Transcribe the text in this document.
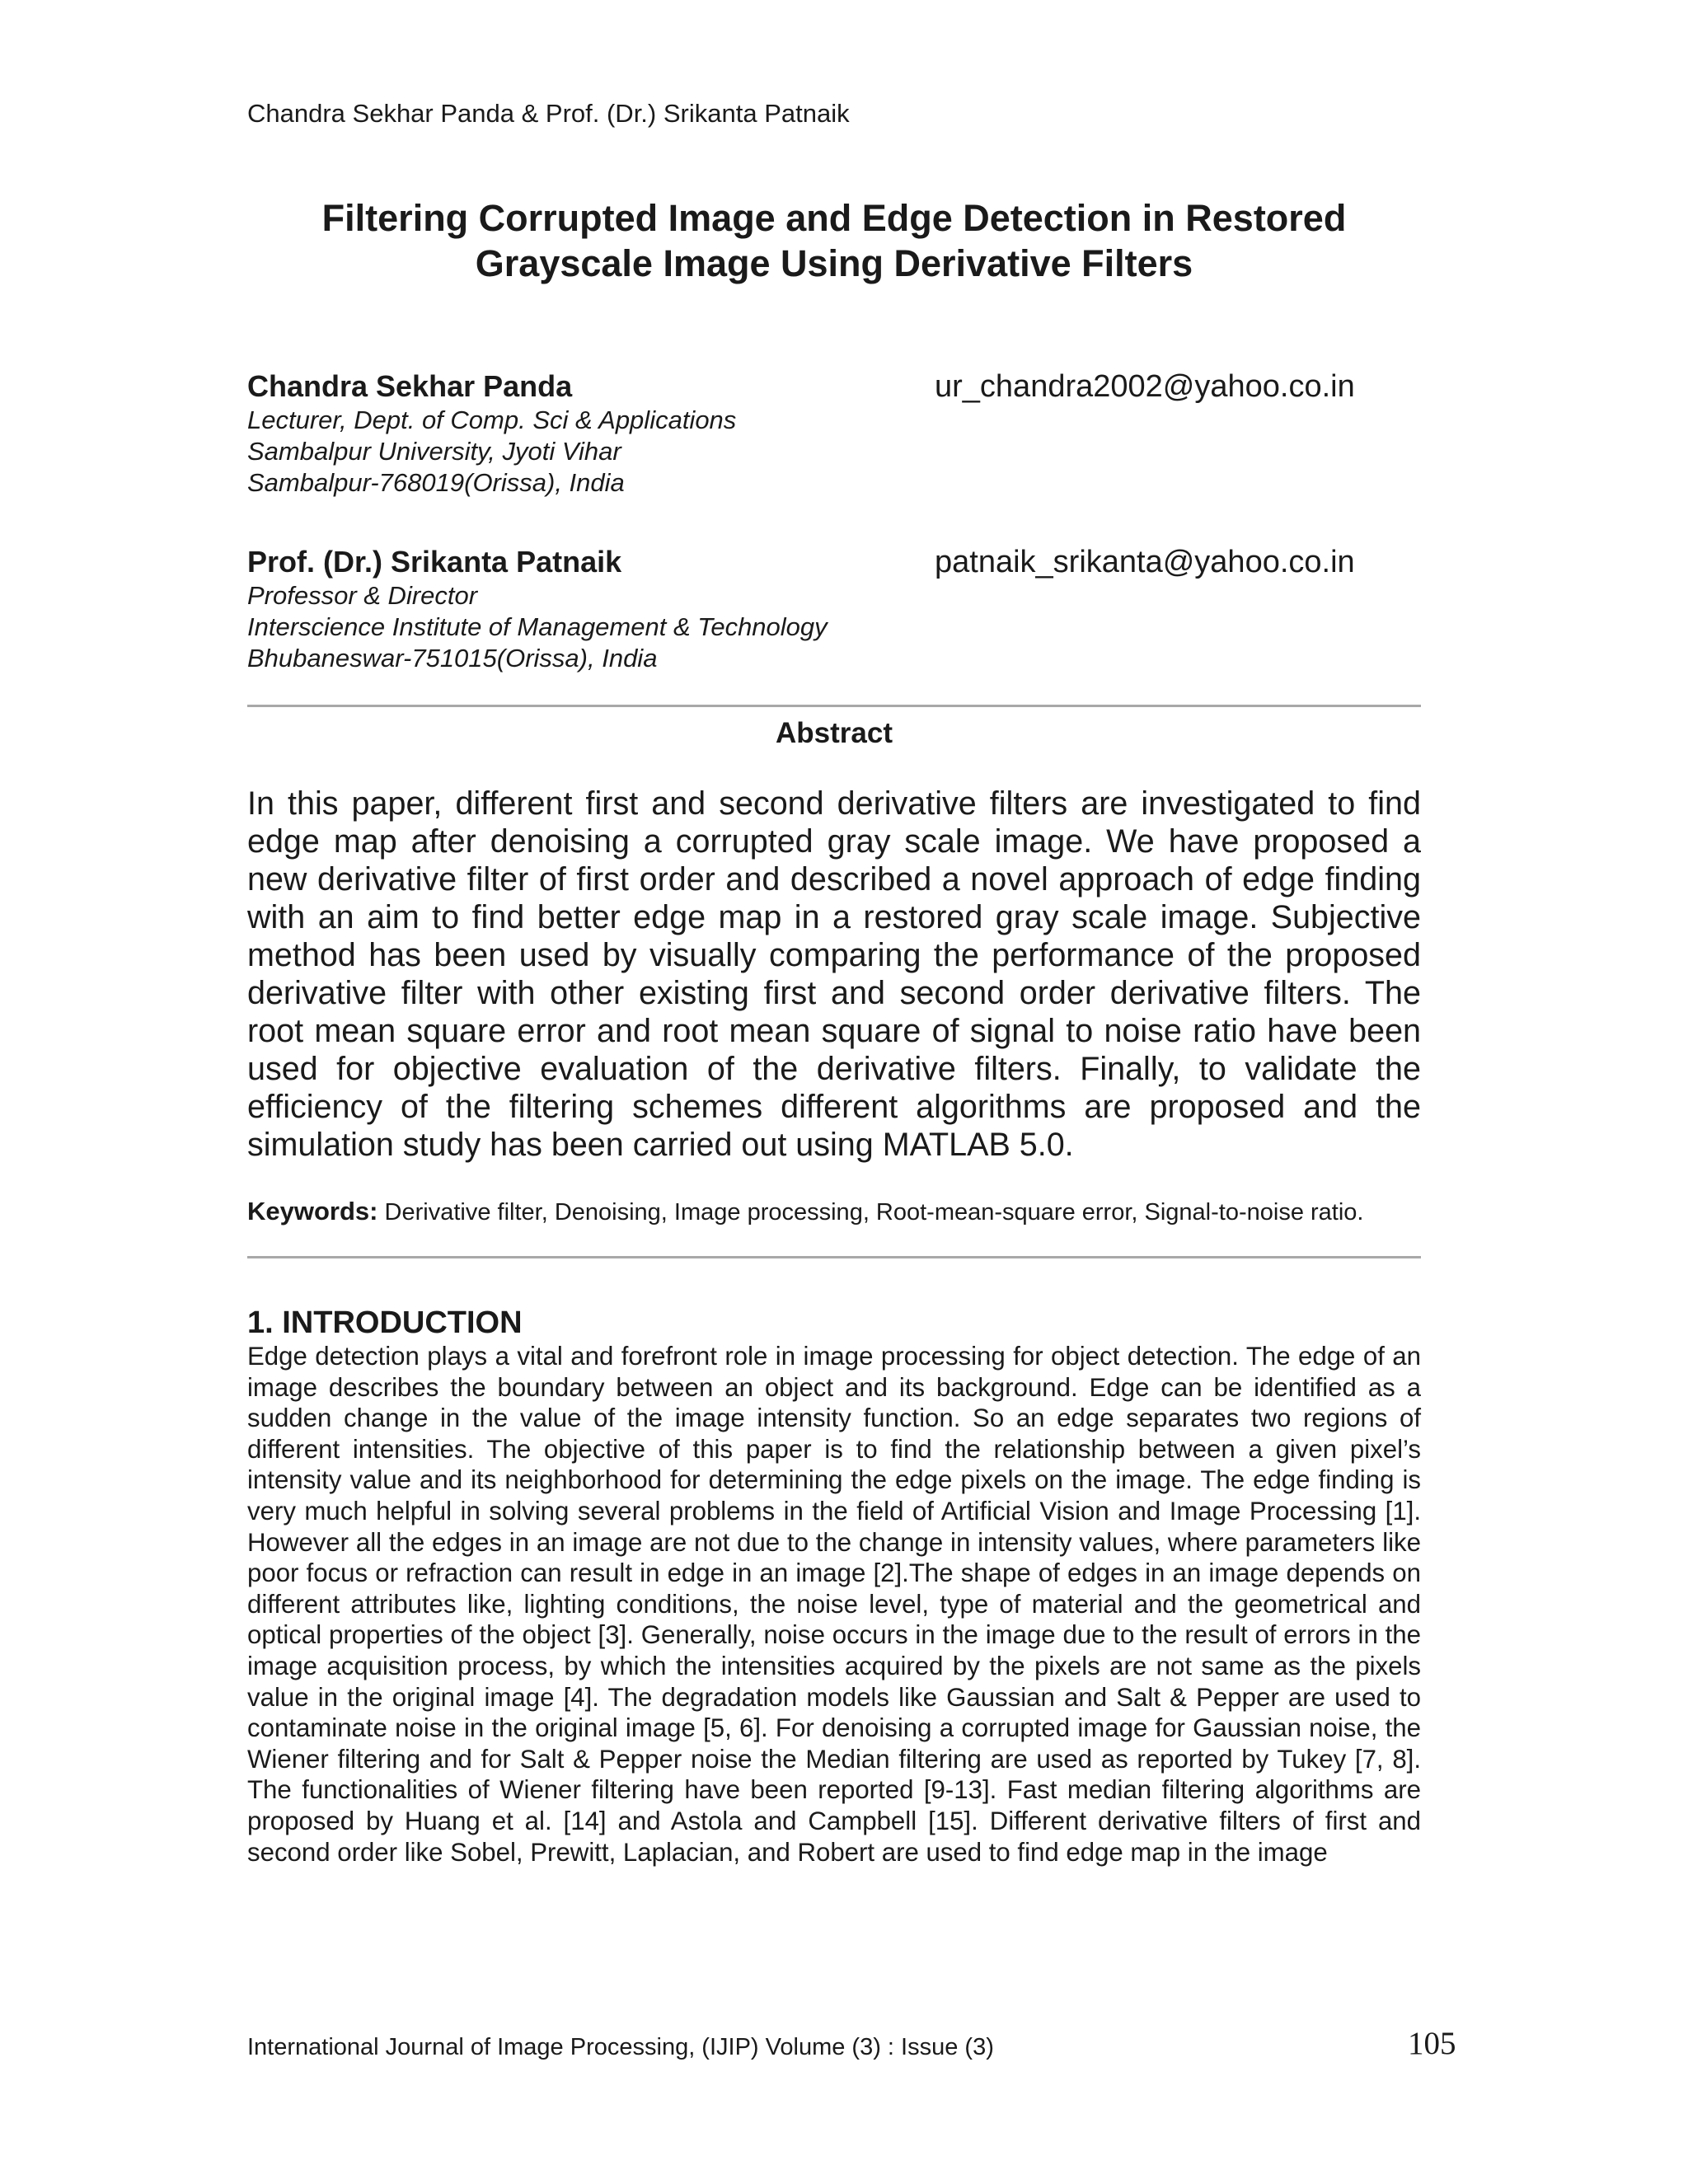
Chandra Sekhar Panda & Prof. (Dr.) Srikanta Patnaik
Filtering Corrupted Image and Edge Detection in Restored
Grayscale Image Using Derivative Filters
Chandra Sekhar Panda
Lecturer, Dept. of Comp. Sci & Applications
Sambalpur University, Jyoti Vihar
Sambalpur-768019(Orissa), India
ur_chandra2002@yahoo.co.in
Prof. (Dr.) Srikanta Patnaik
Professor & Director
Interscience Institute of Management & Technology
Bhubaneswar-751015(Orissa), India
patnaik_srikanta@yahoo.co.in
Abstract

In this paper, different first and second derivative filters are investigated to find edge map after denoising a corrupted gray scale image. We have proposed a new derivative filter of first order and described a novel approach of edge finding with an aim to find better edge map in a restored gray scale image. Subjective method has been used by visually comparing the performance of the proposed derivative filter with other existing first and second order derivative filters. The root mean square error and root mean square of signal to noise ratio have been used for objective evaluation of the derivative filters. Finally, to validate the efficiency of the filtering schemes different algorithms are proposed and the simulation study has been carried out using MATLAB 5.0.

Keywords: Derivative filter, Denoising, Image processing, Root-mean-square error, Signal-to-noise ratio.
1. INTRODUCTION

Edge detection plays a vital and forefront role in image processing for object detection. The edge of an image describes the boundary between an object and its background. Edge can be identified as a sudden change in the value of the image intensity function. So an edge separates two regions of different intensities. The objective of this paper is to find the relationship between a given pixel’s intensity value and its neighborhood for determining the edge pixels on the image. The edge finding is very much helpful in solving several problems in the field of Artificial Vision and Image Processing [1]. However all the edges in an image are not due to the change in intensity values, where parameters like poor focus or refraction can result in edge in an image [2].The shape of edges in an image depends on different attributes like, lighting conditions, the noise level, type of material and the geometrical and optical properties of the object [3]. Generally, noise occurs in the image due to the result of errors in the image acquisition process, by which the intensities acquired by the pixels are not same as the pixels value in the original image [4]. The degradation models like Gaussian and Salt & Pepper are used to contaminate noise in the original image [5, 6]. For denoising a corrupted image for Gaussian noise, the Wiener filtering and for Salt & Pepper noise the Median filtering are used as reported by Tukey [7, 8]. The functionalities of Wiener filtering have been reported [9-13]. Fast median filtering algorithms are proposed by Huang et al. [14] and Astola and Campbell [15]. Different derivative filters of first and second order like Sobel, Prewitt, Laplacian, and Robert are used to find edge map in the image

International Journal of Image Processing, (IJIP) Volume (3) : Issue (3)	105
